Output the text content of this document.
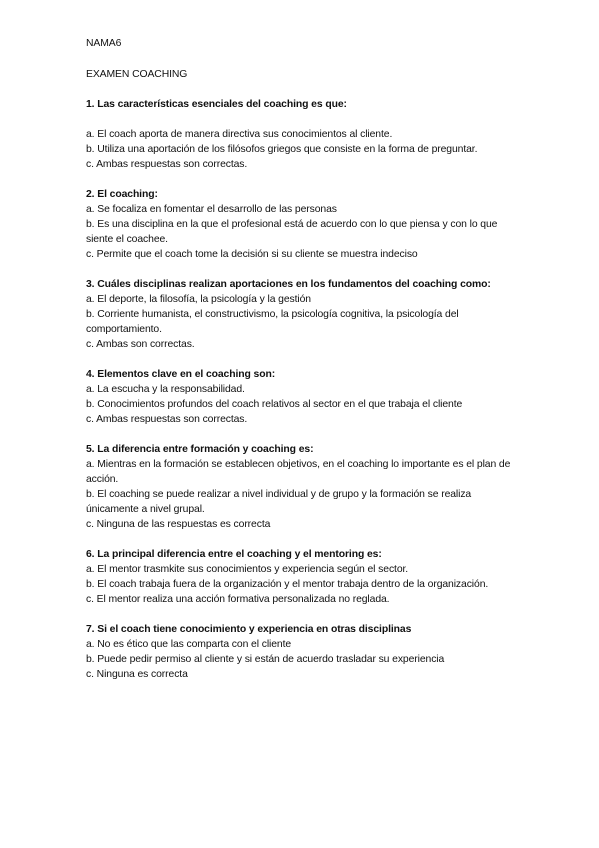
NAMA6

EXAMEN COACHING

1. Las características esenciales del coaching es que:

a. El coach aporta de manera directiva sus conocimientos al cliente.
b. Utiliza una aportación de los filósofos griegos que consiste en la forma de preguntar.
c. Ambas respuestas son correctas.

2. El coaching:

a. Se focaliza en fomentar el desarrollo de las personas
b. Es una disciplina en la que el profesional está de acuerdo con lo que piensa y con lo que siente el coachee.
c. Permite que el coach tome la decisión si su cliente se muestra indeciso

3. Cuáles disciplinas realizan aportaciones en los fundamentos del coaching como:

a. El deporte, la filosofía, la psicología y la gestión
b. Corriente humanista, el constructivismo, la psicología cognitiva, la psicología del comportamiento.
c. Ambas son correctas.

4. Elementos clave en el coaching son:

a. La escucha y la responsabilidad.
b. Conocimientos profundos del coach relativos al sector en el que trabaja el cliente
c. Ambas respuestas son correctas.

5. La diferencia entre formación y coaching es:

a. Mientras en la formación se establecen objetivos, en el coaching lo importante es el plan de acción.
b. El coaching se puede realizar a nivel individual y de grupo y la formación se realiza únicamente a nivel grupal.
c. Ninguna de las respuestas es correcta

6. La principal diferencia entre el coaching y el mentoring es:

a. El mentor trasmkite sus conocimientos y experiencia según el sector.
b. El coach trabaja fuera de la organización y el mentor trabaja dentro de la organización.
c. El mentor realiza una acción formativa personalizada no reglada.

7. Si el coach tiene conocimiento y experiencia en otras disciplinas

a. No es ético que las comparta con el cliente
b. Puede pedir permiso al cliente y si están de acuerdo trasladar su experiencia
c. Ninguna es correcta
